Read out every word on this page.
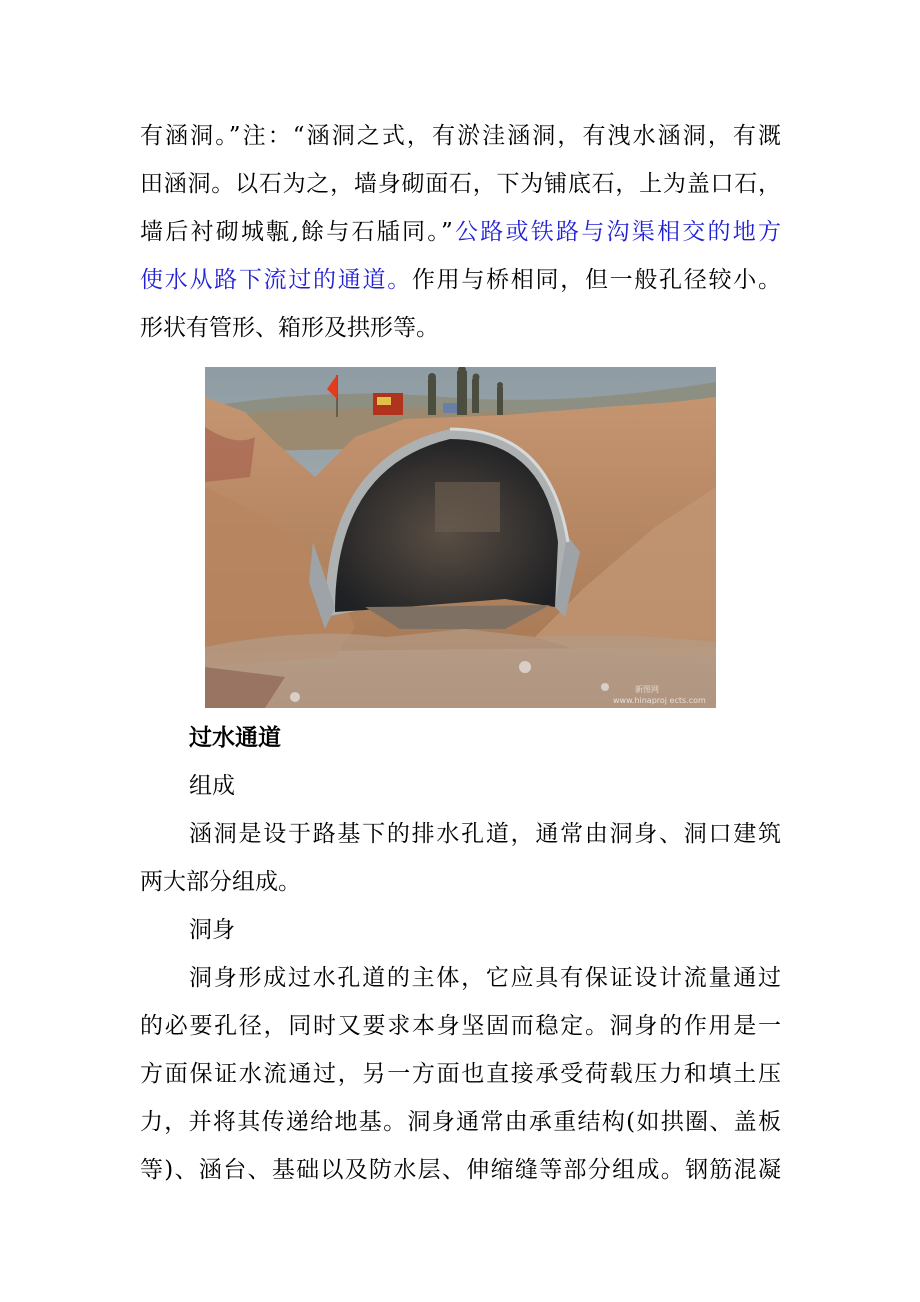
有涵洞。”注：“涵洞之式，有淤洼涵洞，有洩水涵洞，有溉
田涵洞。以石为之，墙身砌面石，下为铺底石，上为盖口石，
墙后衬砌城甎,餘与石牐同。”公路或铁路与沟渠相交的地方
使水从路下流过的通道。作用与桥相同，但一般孔径较小。
形状有管形、箱形及拱形等。
新图网
www.hinaproj ects.com

过水通道

组成

涵洞是设于路基下的排水孔道，通常由洞身、洞口建筑
两大部分组成。

洞身

洞身形成过水孔道的主体，它应具有保证设计流量通过
的必要孔径，同时又要求本身坚固而稳定。洞身的作用是一
方面保证水流通过，另一方面也直接承受荷载压力和填土压
力，并将其传递给地基。洞身通常由承重结构(如拱圈、盖板
等)、涵台、基础以及防水层、伸缩缝等部分组成。钢筋混凝
